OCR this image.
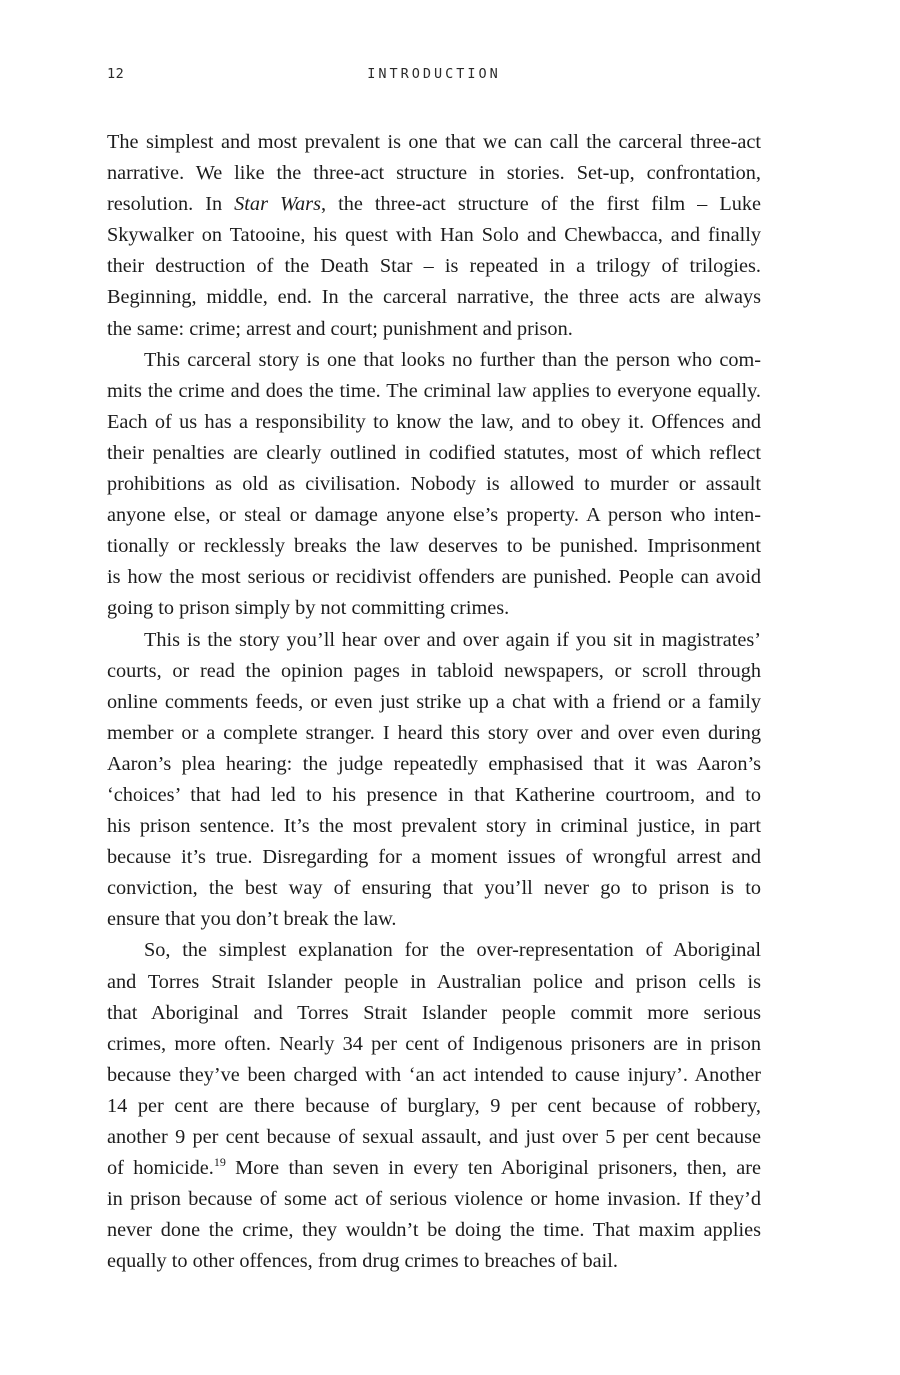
12	INTRODUCTION
The simplest and most prevalent is one that we can call the carceral three-act
narrative. We like the three-act structure in stories. Set-up, confrontation,
resolution. In Star Wars, the three-act structure of the first film – Luke
Skywalker on Tatooine, his quest with Han Solo and Chewbacca, and finally
their destruction of the Death Star – is repeated in a trilogy of trilogies.
Beginning, middle, end. In the carceral narrative, the three acts are always
the same: crime; arrest and court; punishment and prison.
This carceral story is one that looks no further than the person who com-
mits the crime and does the time. The criminal law applies to everyone equally.
Each of us has a responsibility to know the law, and to obey it. Offences and
their penalties are clearly outlined in codified statutes, most of which reflect
prohibitions as old as civilisation. Nobody is allowed to murder or assault
anyone else, or steal or damage anyone else’s property. A person who inten-
tionally or recklessly breaks the law deserves to be punished. Imprisonment
is how the most serious or recidivist offenders are punished. People can avoid
going to prison simply by not committing crimes.
This is the story you’ll hear over and over again if you sit in magistrates’
courts, or read the opinion pages in tabloid newspapers, or scroll through
online comments feeds, or even just strike up a chat with a friend or a family
member or a complete stranger. I heard this story over and over even during
Aaron’s plea hearing: the judge repeatedly emphasised that it was Aaron’s
‘choices’ that had led to his presence in that Katherine courtroom, and to
his prison sentence. It’s the most prevalent story in criminal justice, in part
because it’s true. Disregarding for a moment issues of wrongful arrest and
conviction, the best way of ensuring that you’ll never go to prison is to
ensure that you don’t break the law.
So, the simplest explanation for the over-representation of Aboriginal
and Torres Strait Islander people in Australian police and prison cells is
that Aboriginal and Torres Strait Islander people commit more serious
crimes, more often. Nearly 34 per cent of Indigenous prisoners are in prison
because they’ve been charged with ‘an act intended to cause injury’. Another
14 per cent are there because of burglary, 9 per cent because of robbery,
another 9 per cent because of sexual assault, and just over 5 per cent because
of homicide.$^{19}$ More than seven in every ten Aboriginal prisoners, then, are
in prison because of some act of serious violence or home invasion. If they’d
never done the crime, they wouldn’t be doing the time. That maxim applies
equally to other offences, from drug crimes to breaches of bail.
